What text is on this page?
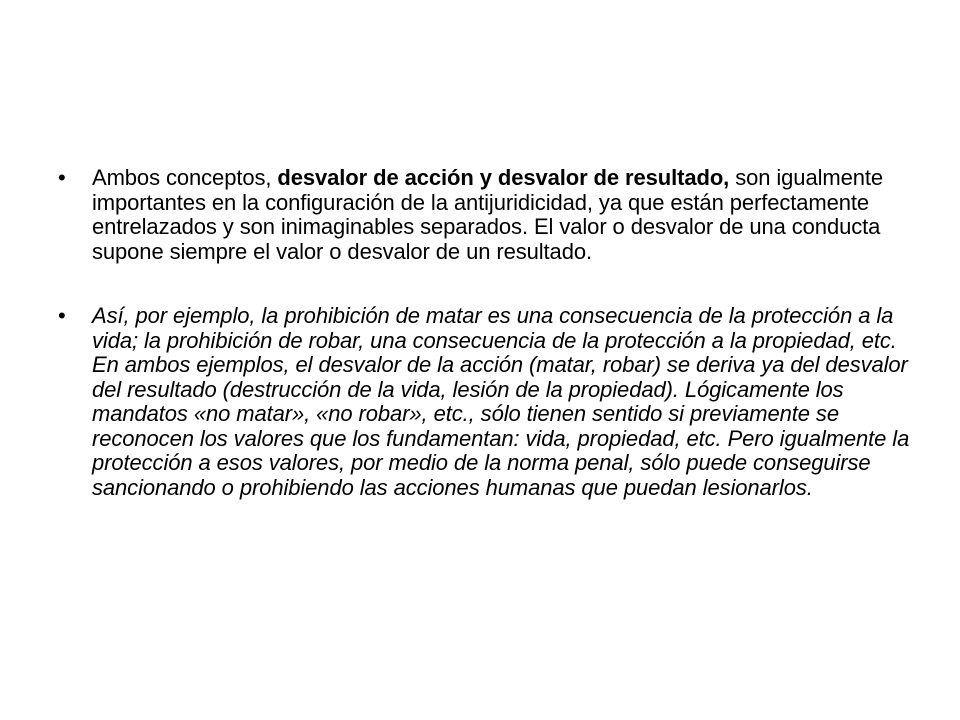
•	Ambos conceptos, desvalor de acción y desvalor de resultado, son igualmente importantes en la configuración de la antijuridicidad, ya que están perfectamente entrelazados y son inimaginables separados. El valor o desvalor de una conducta supone siempre el valor o desvalor de un resultado.
•	Así, por ejemplo, la prohibición de matar es una consecuencia de la protección a la vida; la prohibición de robar, una consecuencia de la protección a la propiedad, etc. En ambos ejemplos, el desvalor de la acción (matar, robar) se deriva ya del desvalor del resultado (destrucción de la vida, lesión de la propiedad). Lógicamente los mandatos «no matar», «no robar», etc., sólo tienen sentido si previamente se reconocen los valores que los fundamentan: vida, propiedad, etc. Pero igualmente la protección a esos valores, por medio de la norma penal, sólo puede conseguirse sancionando o prohibiendo las acciones humanas que puedan lesionarlos.
